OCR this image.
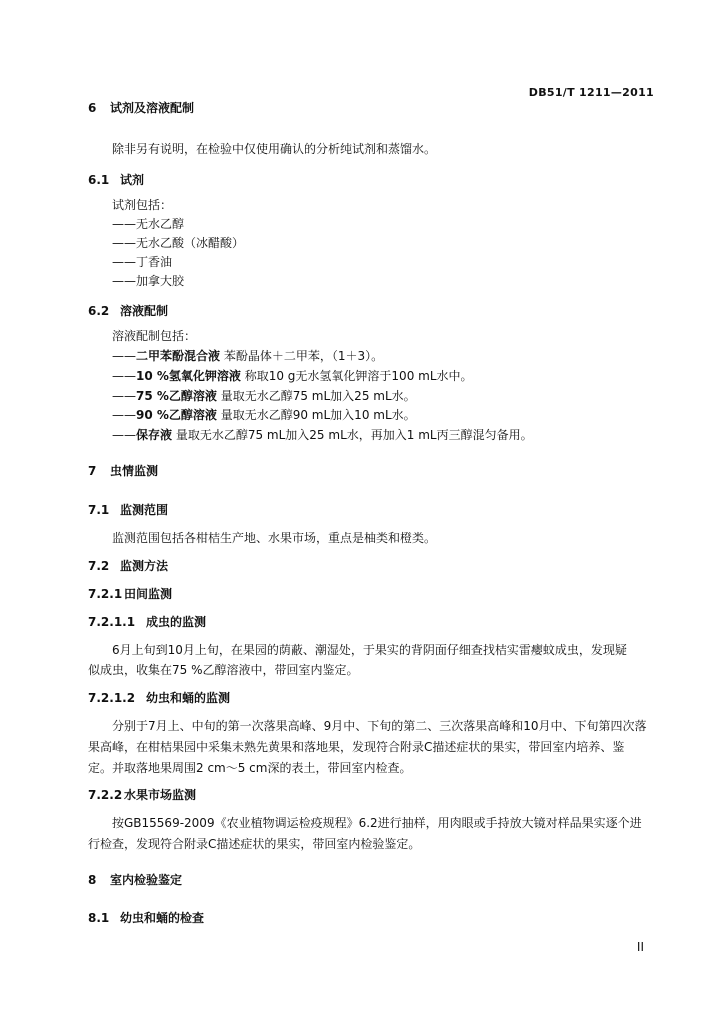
DB51/T 1211—2011
6 试剂及溶液配制
除非另有说明，在检验中仅使用确认的分析纯试剂和蒸馏水。
6.1 试剂
试剂包括：
——无水乙醇
——无水乙酸（冰醋酸）
——丁香油
——加拿大胶
6.2 溶液配制
溶液配制包括：
——二甲苯酚混合液 苯酚晶体＋二甲苯，（1＋3）。
——10 %氢氧化钾溶液 称取10 g无水氢氧化钾溶于100 mL水中。
——75 %乙醇溶液 量取无水乙醇75 mL加入25 mL水。
——90 %乙醇溶液 量取无水乙醇90 mL加入10 mL水。
——保存液 量取无水乙醇75 mL加入25 mL水，再加入1 mL丙三醇混匀备用。
7 虫情监测
7.1 监测范围
监测范围包括各柑桔生产地、水果市场，重点是柚类和橙类。
7.2 监测方法
7.2.1 田间监测
7.2.1.1 成虫的监测
6月上旬到10月上旬，在果园的荫蔽、潮湿处，于果实的背阴面仔细查找桔实雷瘿蚊成虫，发现疑
似成虫，收集在75 %乙醇溶液中，带回室内鉴定。
7.2.1.2 幼虫和蛹的监测
分别于7月上、中旬的第一次落果高峰、9月中、下旬的第二、三次落果高峰和10月中、下旬第四次落
果高峰，在柑桔果园中采集未熟先黄果和落地果，发现符合附录C描述症状的果实，带回室内培养、鉴
定。并取落地果周围2 cm～5 cm深的表土，带回室内检查。
7.2.2 水果市场监测
按GB15569-2009《农业植物调运检疫规程》6.2进行抽样，用肉眼或手持放大镜对样品果实逐个进
行检查，发现符合附录C描述症状的果实，带回室内检验鉴定。
8 室内检验鉴定
8.1 幼虫和蛹的检查
II
